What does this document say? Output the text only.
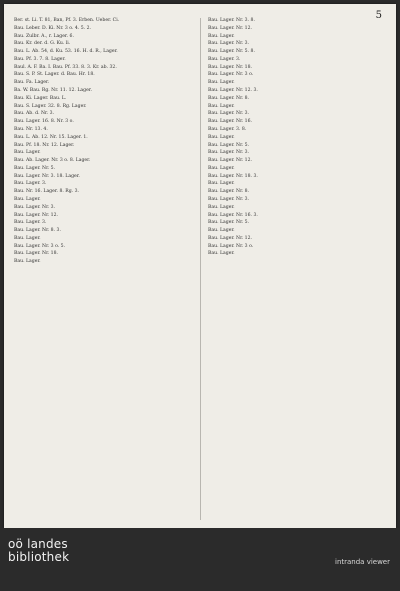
5
Ber. st. Li. T. 81, Ban, Pf. 3. Erben. Ueber. Ci.
Bau. Leber. D. Ki. Nr. 3 o. 4. 5. 2.
Bau. Zulbr. A., r. Lager. 6.
Bau. Kr. der. d. G. Ku. li.
Bau. L. Ab. 54, d. Ku. 53. 16. H. d. R., Lager.
Bau. Pf. 3. 7. 8. Lager.
Baul. A. F. Ba. I. Bau. Pf. 33. 8. 3. Kr. ab. 32.
Bau. S. P. St. Lager. d. Bau. Hr. 18.
Bau. Fa. Lager.
Ba. W. Bau. Rg. Nr. 11. 12. Lager.
Bau. Ki. Lager. Bau. L.
Bau. S. Lager. 32. 8. Rg. Lager.
Bau. Ab. d. Nr. 3.
Bau. Lager. 16. 8. Nr. 3 o.
Bau. Nr. 13. 4.
Bau. L. Ab. 12. Nr. 15. Lager. 1.
Bau. Pf. 18. Nr. 12. Lager.
Bau. Lager.
Bau. Ab. Lager. Nr. 3 o. 8. Lager.
Bau. Lager. Nr. 5.
Bau. Lager. Nr. 3. 18. Lager.
Bau. Lager. 3.
Bau. Nr. 16. Lager. 8. Rg. 3.
Bau. Lager.
Bau. Lager. Nr. 3.
Bau. Lager. Nr. 12.
Bau. Lager. 3.
Bau. Lager. Nr. 8. 3.
Bau. Lager.
Bau. Lager. Nr. 3 o. 5.
Bau. Lager. Nr. 18.
Bau. Lager.
Bau. Lager. Nr. 3. 8.
Bau. Lager. Nr. 12.
Bau. Lager.
Bau. Lager. Nr. 3.
Bau. Lager. Nr. 5. 8.
Bau. Lager. 3.
Bau. Lager. Nr. 18.
Bau. Lager. Nr. 3 o.
Bau. Lager.
Bau. Lager. Nr. 12. 3.
Bau. Lager. Nr. 8.
Bau. Lager.
Bau. Lager. Nr. 3.
Bau. Lager. Nr. 16.
Bau. Lager. 3. 8.
Bau. Lager.
Bau. Lager. Nr. 5.
Bau. Lager. Nr. 3.
Bau. Lager. Nr. 12.
Bau. Lager.
Bau. Lager. Nr. 18. 3.
Bau. Lager.
Bau. Lager. Nr. 8.
Bau. Lager. Nr. 3.
Bau. Lager.
Bau. Lager. Nr. 16. 3.
Bau. Lager. Nr. 5.
Bau. Lager.
Bau. Lager. Nr. 12.
Bau. Lager. Nr. 3 o.
Bau. Lager.
oö landes
bibliothek	intranda viewer
